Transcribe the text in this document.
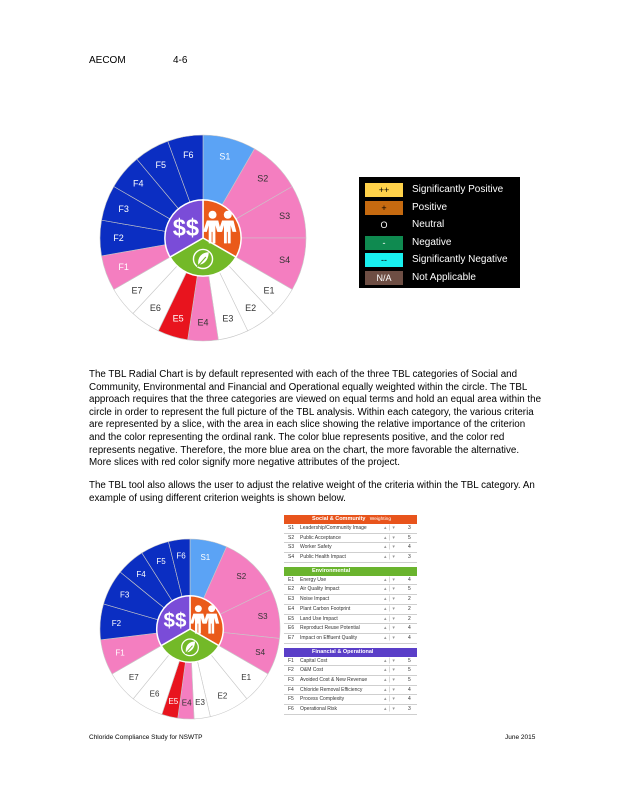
AECOM	4-6
S1
S2
S3
S4
E1
E2
E3
E4
E5
E6
E7
F1
F2
F3
F4
F5
F6
$$
++	Significantly Positive
+	Positive
O	Neutral
-	Negative
--	Significantly Negative
N/A	Not Applicable
The TBL Radial Chart is by default represented with each of the three TBL categories of Social and Community, Environmental and Financial and Operational equally weighted within the circle. The TBL approach requires that the three categories are viewed on equal terms and hold an equal area within the circle in order to represent the full picture of the TBL analysis. Within each category, the various criteria are represented by a slice, with the area in each slice showing the relative importance of the criterion and the color representing the ordinal rank. The color blue represents positive, and the color red represents negative. Therefore, the more blue area on the chart, the more favorable the alternative. More slices with red color signify more negative attributes of the project.
The TBL tool also allows the user to adjust the relative weight of the criteria within the TBL category. An example of using different criterion weights is shown below.
S1
S2
S3
S4
E1
E2
E3
E4
E5
E6
E7
F1
F2
F3
F4
F5
F6
$$
Social & Community Weighting
S1 Leadership/Community Image	▴ │ ▾	3
S2 Public Acceptance	▴ │ ▾	5
S3 Worker Safety	▴ │ ▾	4
S4 Public Health Impact	▴ │ ▾	3
Environmental
E1 Energy Use	▴ │ ▾	4
E2 Air Quality Impact	▴ │ ▾	5
E3 Noise Impact	▴ │ ▾	2
E4 Plant Carbon Footprint	▴ │ ▾	2
E5 Land Use Impact	▴ │ ▾	2
E6 Reproduct Reuse Potential	▴ │ ▾	4
E7 Impact on Effluent Quality	▴ │ ▾	4
Financial & Operational
F1 Capital Cost	▴ │ ▾	5
F2 O&M Cost	▴ │ ▾	5
F3 Avoided Cost & New Revenue	▴ │ ▾	5
F4 Chloride Removal Efficiency	▴ │ ▾	4
F5 Process Complexity	▴ │ ▾	4
F6 Operational Risk	▴ │ ▾	3
Chloride Compliance Study for NSWTP	June 2015
